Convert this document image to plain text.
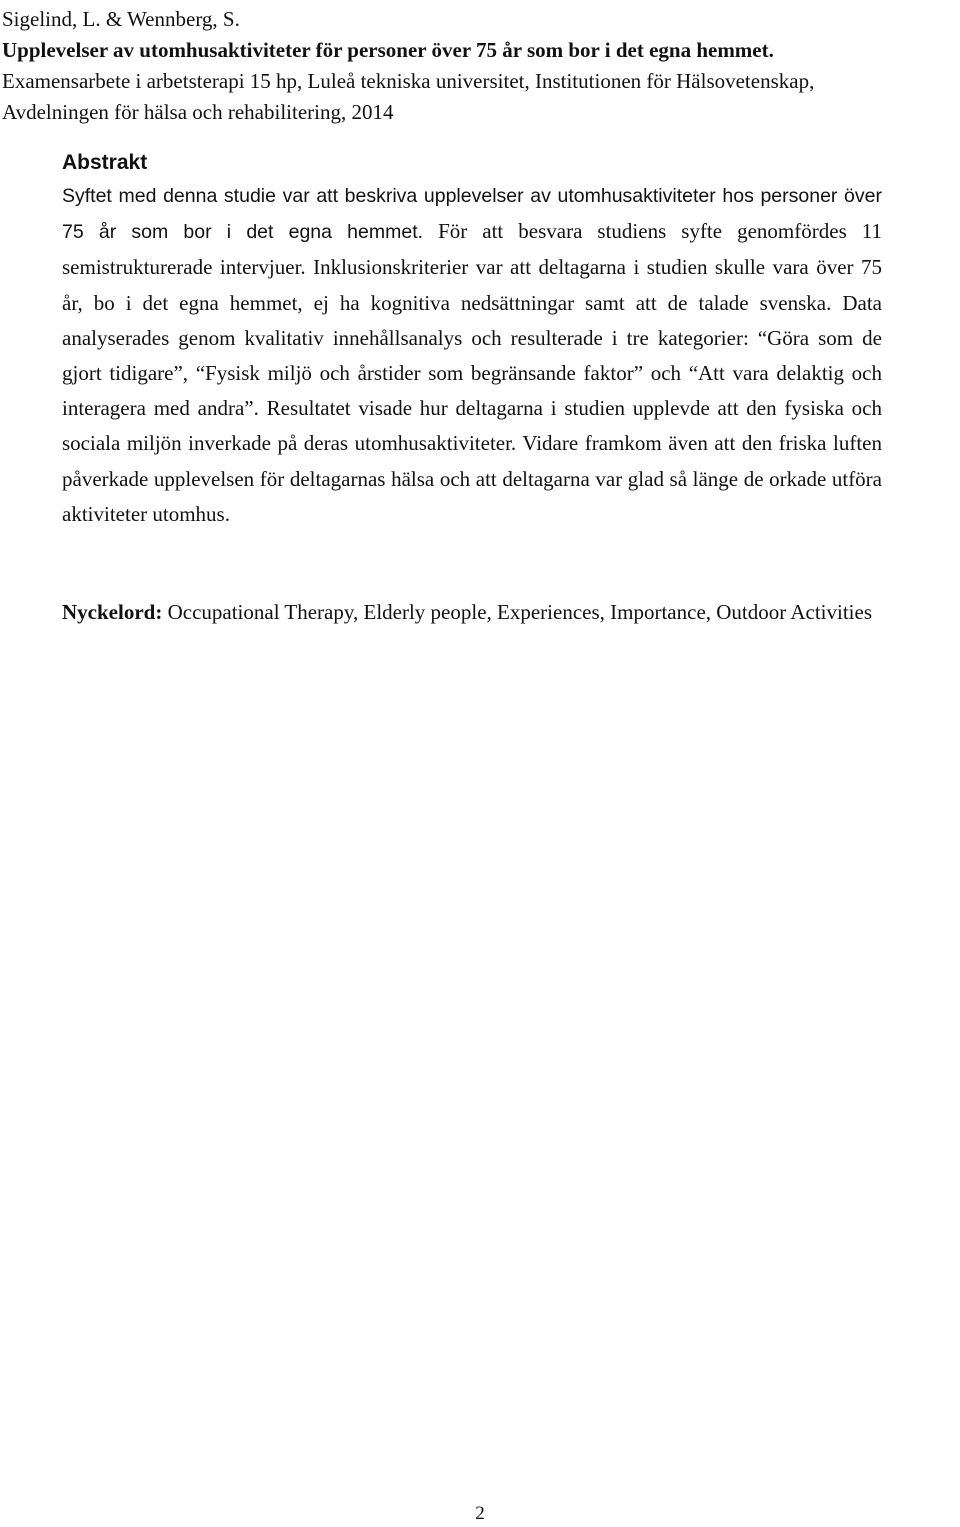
Sigelind, L. & Wennberg, S.
Upplevelser av utomhusaktiviteter för personer över 75 år som bor i det egna hemmet.
Examensarbete i arbetsterapi 15 hp, Luleå tekniska universitet, Institutionen för Hälsovetenskap,
Avdelningen för hälsa och rehabilitering, 2014
Abstrakt

Syftet med denna studie var att beskriva upplevelser av utomhusaktiviteter hos personer över 75 år som bor i det egna hemmet. För att besvara studiens syfte genomfördes 11 semistrukturerade intervjuer. Inklusionskriterier var att deltagarna i studien skulle vara över 75 år, bo i det egna hemmet, ej ha kognitiva nedsättningar samt att de talade svenska. Data analyserades genom kvalitativ innehållsanalys och resulterade i tre kategorier: “Göra som de gjort tidigare”, “Fysisk miljö och årstider som begränsande faktor” och “Att vara delaktig och interagera med andra”. Resultatet visade hur deltagarna i studien upplevde att den fysiska och sociala miljön inverkade på deras utomhusaktiviteter. Vidare framkom även att den friska luften påverkade upplevelsen för deltagarnas hälsa och att deltagarna var glad så länge de orkade utföra aktiviteter utomhus.

Nyckelord: Occupational Therapy, Elderly people, Experiences, Importance, Outdoor Activities

2
